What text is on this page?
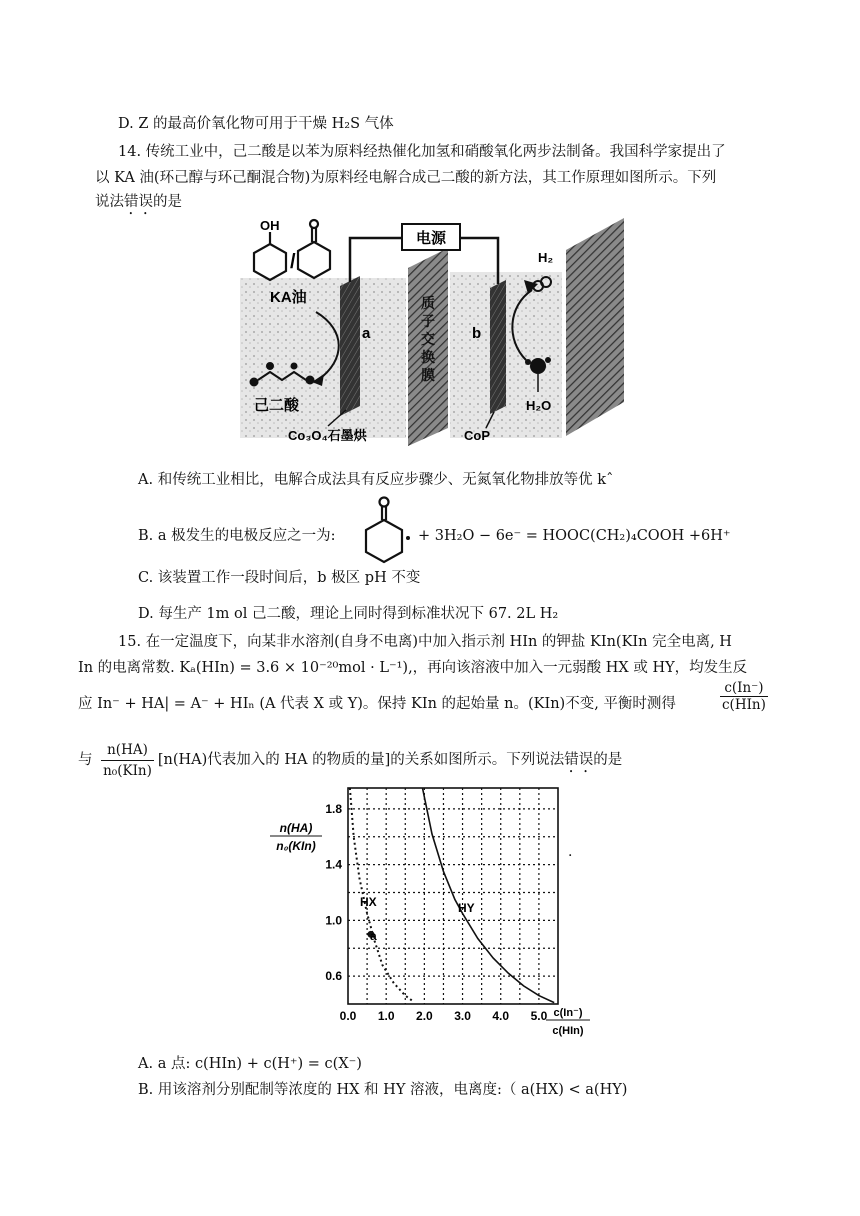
D. Z 的最高价氧化物可用于干燥 H₂S 气体
14. 传统工业中，己二酸是以苯为原料经热催化加氢和硝酸氧化两步法制备。我国科学家提出了
以 KA 油(环己醇与环己酮混合物)为原料经电解合成己二酸的新方法，其工作原理如图所示。下列
说法错误的是
质
子
交
换
膜
电源
OH
/
KA油
a
己二酸
Co₃O₄石墨烘
b
H₂
H₂O
CoP
A. 和传统工业相比，电解合成法具有反应步骤少、无氮氧化物排放等优 kˆ
B. a 极发生的电极反应之一为:	+ 3H₂O − 6e⁻ = HOOC(CH₂)₄COOH +6H⁺
C. 该装置工作一段时间后，b 极区 pH 不变
D. 每生产 1m ol 己二酸，理论上同时得到标准状况下 67. 2L H₂
15. 在一定温度下，向某非水溶剂(自身不电离)中加入指示剂 HIn 的钾盐 KIn(KIn 完全电离, H
In 的电离常数. Kₐ(HIn) = 3.6 × 10⁻²⁰mol · L⁻¹),，再向该溶液中加入一元弱酸 HX 或 HY，均发生反
应 In⁻ + HA| = A⁻ + HIₙ (A 代表 X 或 Y)。保持 KIn 的起始量 n。(KIn)不变, 平衡时测得
c(In⁻)
c(HIn)
与 $\frac{n(HA)}{\text{n₀(KIn)}} [n(HA)$代表加入的 HA 的物质的量]的关系如图所示。下列说法错误的是
0.0 1.0 2.0 3.0 4.0 5.0
0.6
1.0
1.4
1.8
n(HA)
n₀(KIn)
c(In⁻)
c(HIn)
HX	HY
a
·
A. a 点: c(HIn) + c(H⁺) = c(X⁻)
B. 用该溶剂分别配制等浓度的 HX 和 HY 溶液，电离度:（ a(HX) < a(HY)
